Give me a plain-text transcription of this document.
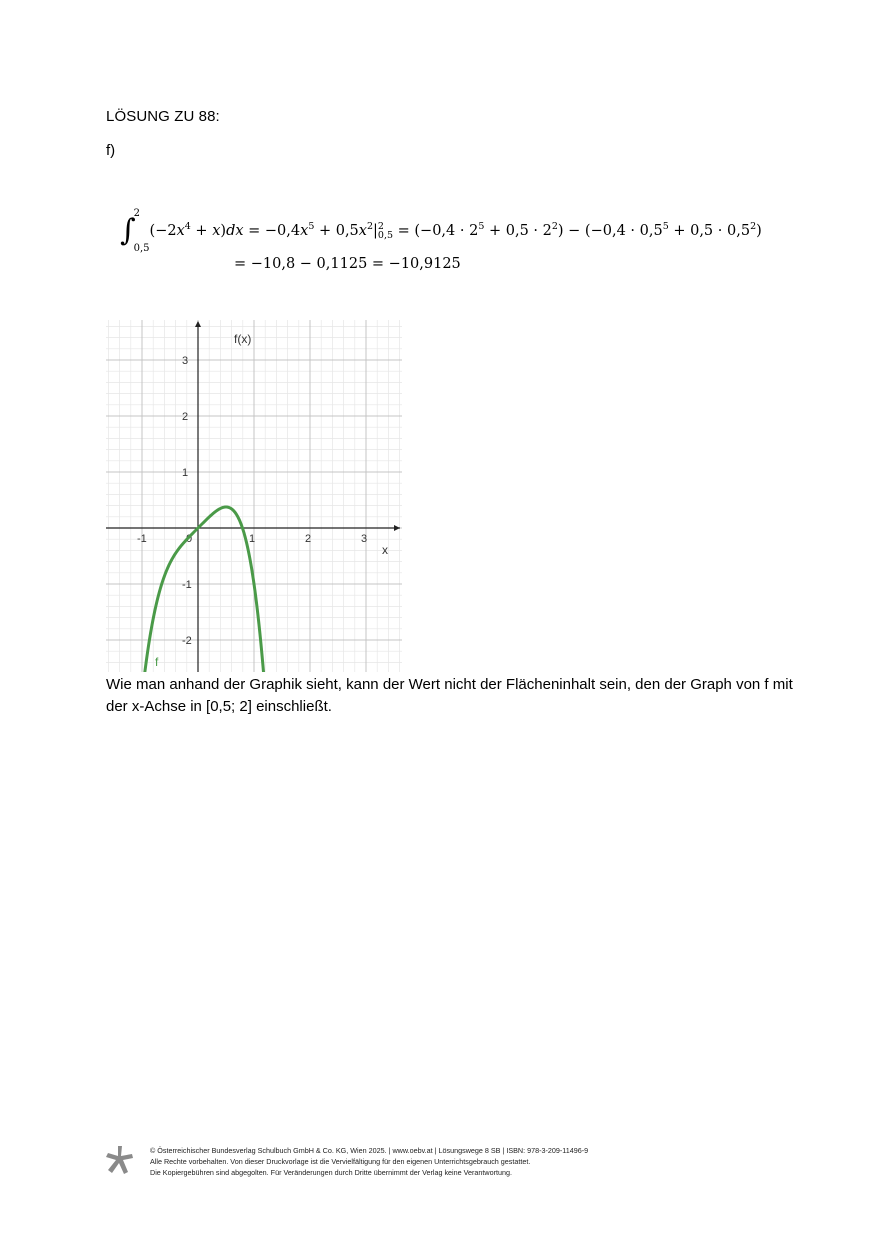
LÖSUNG ZU 88:
f)
∫
2
0,5
$(-2x^4 + x)dx = -0,4x^5 + 0,5x^2|$ 2
$0,5 = (-0,4 \cdot 2^5 + 0,5 \cdot 2^2) - (-0,4 \cdot 0,5^5 + 0,5 \cdot 0,5^2)$
= −10,8 − 0,1125 = −10,9125
-1	0	1	2	3
3
2
1
-1
-2
f(x)
x
f
Wie man anhand der Graphik sieht, kann der Wert nicht der Flächeninhalt sein, den der Graph von f mit der x-Achse in [0,5; 2] einschließt.
© Österreichischer Bundesverlag Schulbuch GmbH & Co. KG, Wien 2025. | www.oebv.at | Lösungswege 8 SB | ISBN: 978-3-209-11496-9
Alle Rechte vorbehalten. Von dieser Druckvorlage ist die Vervielfältigung für den eigenen Unterrichtsgebrauch gestattet.
Die Kopiergebühren sind abgegolten. Für Veränderungen durch Dritte übernimmt der Verlag keine Verantwortung.
